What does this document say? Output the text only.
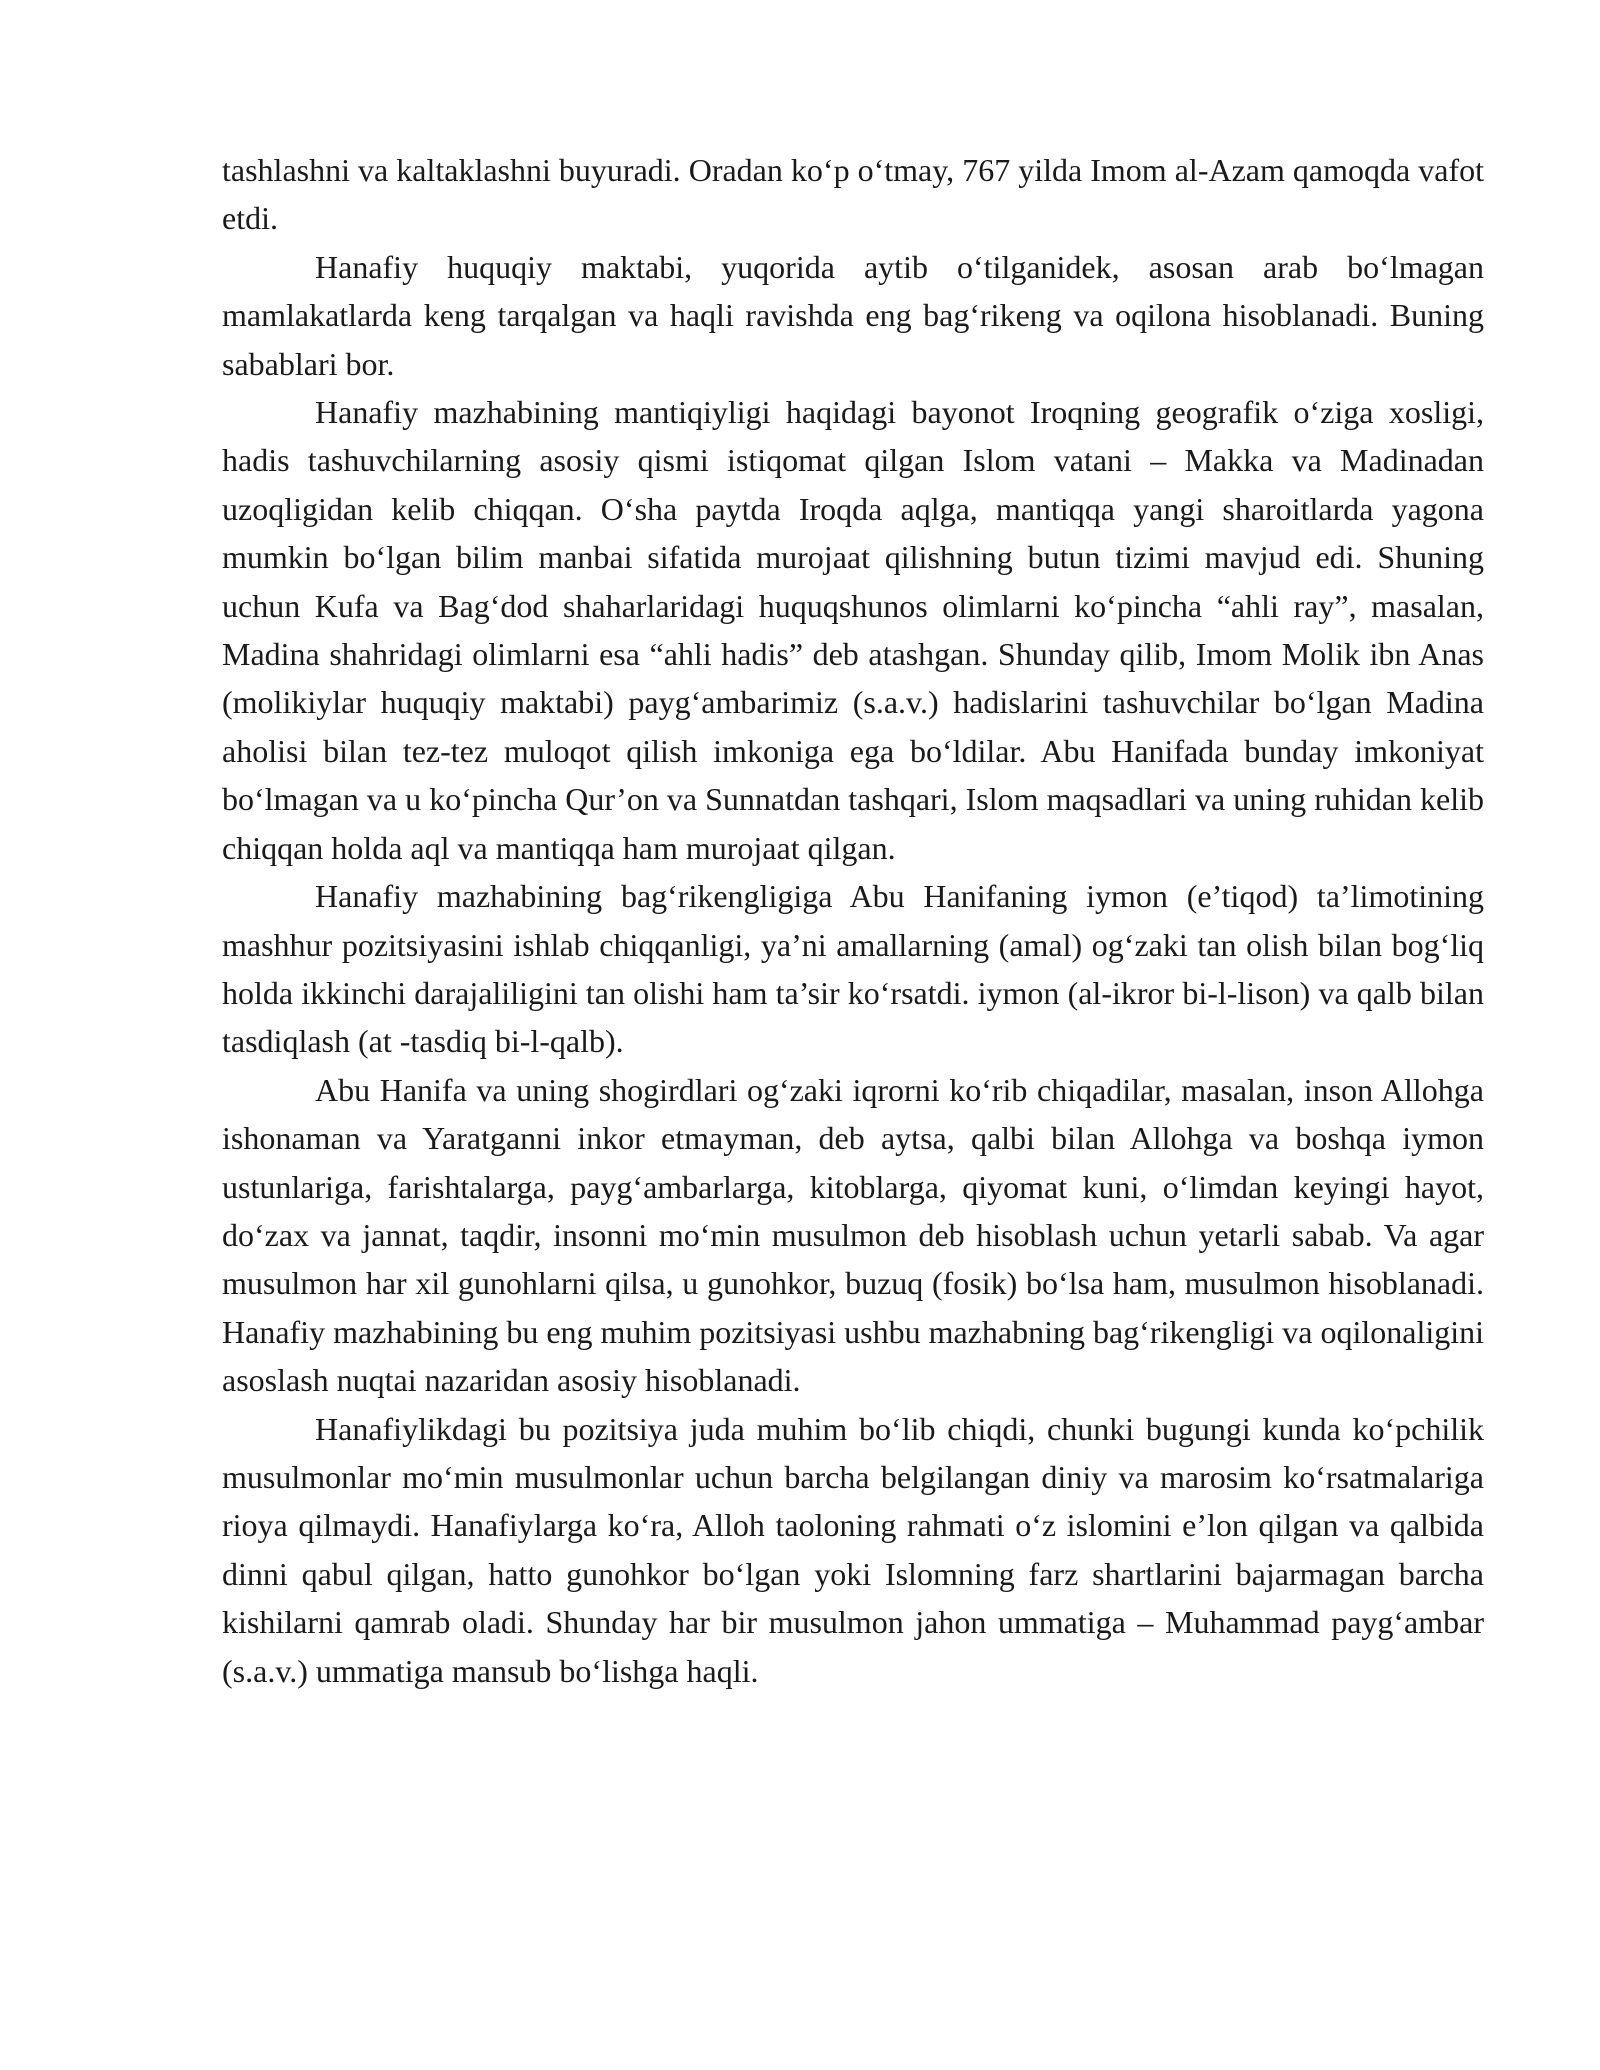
tashlashni va kaltaklashni buyuradi. Oradan ko‘p o‘tmay, 767 yilda Imom al-Azam qamoqda vafot etdi.

Hanafiy huquqiy maktabi, yuqorida aytib o‘tilganidek, asosan arab bo‘lmagan mamlakatlarda keng tarqalgan va haqli ravishda eng bag‘rikeng va oqilona hisoblanadi. Buning sabablari bor.

Hanafiy mazhabining mantiqiyligi haqidagi bayonot Iroqning geografik o‘ziga xosligi, hadis tashuvchilarning asosiy qismi istiqomat qilgan Islom vatani – Makka va Madinadan uzoqligidan kelib chiqqan. O‘sha paytda Iroqda aqlga, mantiqqa yangi sharoitlarda yagona mumkin bo‘lgan bilim manbai sifatida murojaat qilishning butun tizimi mavjud edi. Shuning uchun Kufa va Bag‘dod shaharlaridagi huquqshunos olimlarni ko‘pincha “ahli ray”, masalan, Madina shahridagi olimlarni esa “ahli hadis” deb atashgan. Shunday qilib, Imom Molik ibn Anas (molikiylar huquqiy maktabi) payg‘ambarimiz (s.a.v.) hadislarini tashuvchilar bo‘lgan Madina aholisi bilan tez-tez muloqot qilish imkoniga ega bo‘ldilar. Abu Hanifada bunday imkoniyat bo‘lmagan va u ko‘pincha Qur’on va Sunnatdan tashqari, Islom maqsadlari va uning ruhidan kelib chiqqan holda aql va mantiqqa ham murojaat qilgan.

Hanafiy mazhabining bag‘rikengligiga Abu Hanifaning iymon (e’tiqod) ta’limotining mashhur pozitsiyasini ishlab chiqqanligi, ya’ni amallarning (amal) og‘zaki tan olish bilan bog‘liq holda ikkinchi darajaliligini tan olishi ham ta’sir ko‘rsatdi. iymon (al-ikror bi-l-lison) va qalb bilan tasdiqlash (at -tasdiq bi-l-qalb).

Abu Hanifa va uning shogirdlari og‘zaki iqrorni ko‘rib chiqadilar, masalan, inson Allohga ishonaman va Yaratganni inkor etmayman, deb aytsa, qalbi bilan Allohga va boshqa iymon ustunlariga, farishtalarga, payg‘ambarlarga, kitoblarga, qiyomat kuni, o‘limdan keyingi hayot, do‘zax va jannat, taqdir, insonni mo‘min musulmon deb hisoblash uchun yetarli sabab. Va agar musulmon har xil gunohlarni qilsa, u gunohkor, buzuq (fosik) bo‘lsa ham, musulmon hisoblanadi. Hanafiy mazhabining bu eng muhim pozitsiyasi ushbu mazhabning bag‘rikengligi va oqilonaligini asoslash nuqtai nazaridan asosiy hisoblanadi.

Hanafiylikdagi bu pozitsiya juda muhim bo‘lib chiqdi, chunki bugungi kunda ko‘pchilik musulmonlar mo‘min musulmonlar uchun barcha belgilangan diniy va marosim ko‘rsatmalariga rioya qilmaydi. Hanafiylarga ko‘ra, Alloh taoloning rahmati o‘z islomini e’lon qilgan va qalbida dinni qabul qilgan, hatto gunohkor bo‘lgan yoki Islomning farz shartlarini bajarmagan barcha kishilarni qamrab oladi. Shunday har bir musulmon jahon ummatiga – Muhammad payg‘ambar (s.a.v.) ummatiga mansub bo‘lishga haqli.
